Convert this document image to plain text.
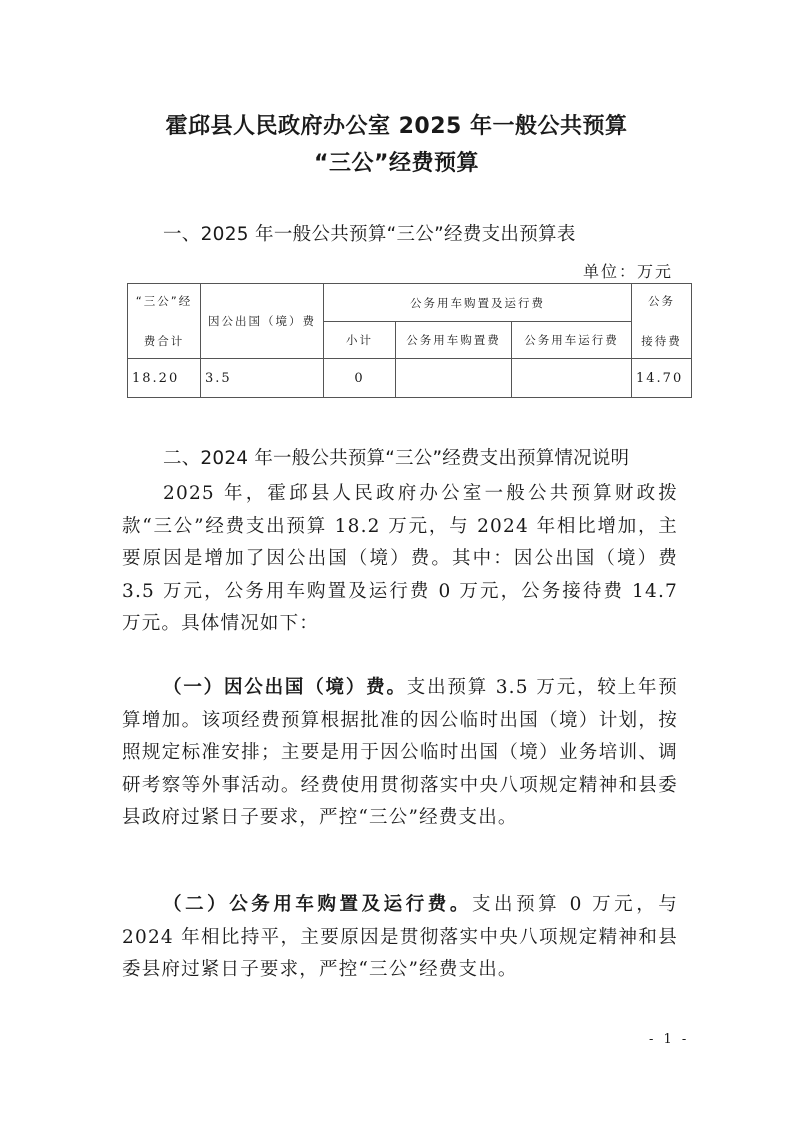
霍邱县人民政府办公室 2025 年一般公共预算
“三公”经费预算
一、2025 年一般公共预算“三公”经费支出预算表
单位：万元
“三公”经
费合计	因公出国（境）费	公务用车购置及运行费			公务
接待费

		小计	公务用车购置费	公务用车运行费	
18.20	3.5	0			14.70
二、2024 年一般公共预算“三公”经费支出预算情况说明

2025 年，霍邱县人民政府办公室一般公共预算财政拨款“三公”经费支出预算 18.2 万元，与 2024 年相比增加，主要原因是增加了因公出国（境）费。其中：因公出国（境）费 3.5 万元，公务用车购置及运行费 0 万元，公务接待费 14.7 万元。具体情况如下：

（一）因公出国（境）费。支出预算 3.5 万元，较上年预算增加。该项经费预算根据批准的因公临时出国（境）计划，按照规定标准安排；主要是用于因公临时出国（境）业务培训、调研考察等外事活动。经费使用贯彻落实中央八项规定精神和县委县政府过紧日子要求，严控“三公”经费支出。

（二）公务用车购置及运行费。支出预算 0 万元，与 2024 年相比持平，主要原因是贯彻落实中央八项规定精神和县委县府过紧日子要求，严控“三公”经费支出。

- 1 -
